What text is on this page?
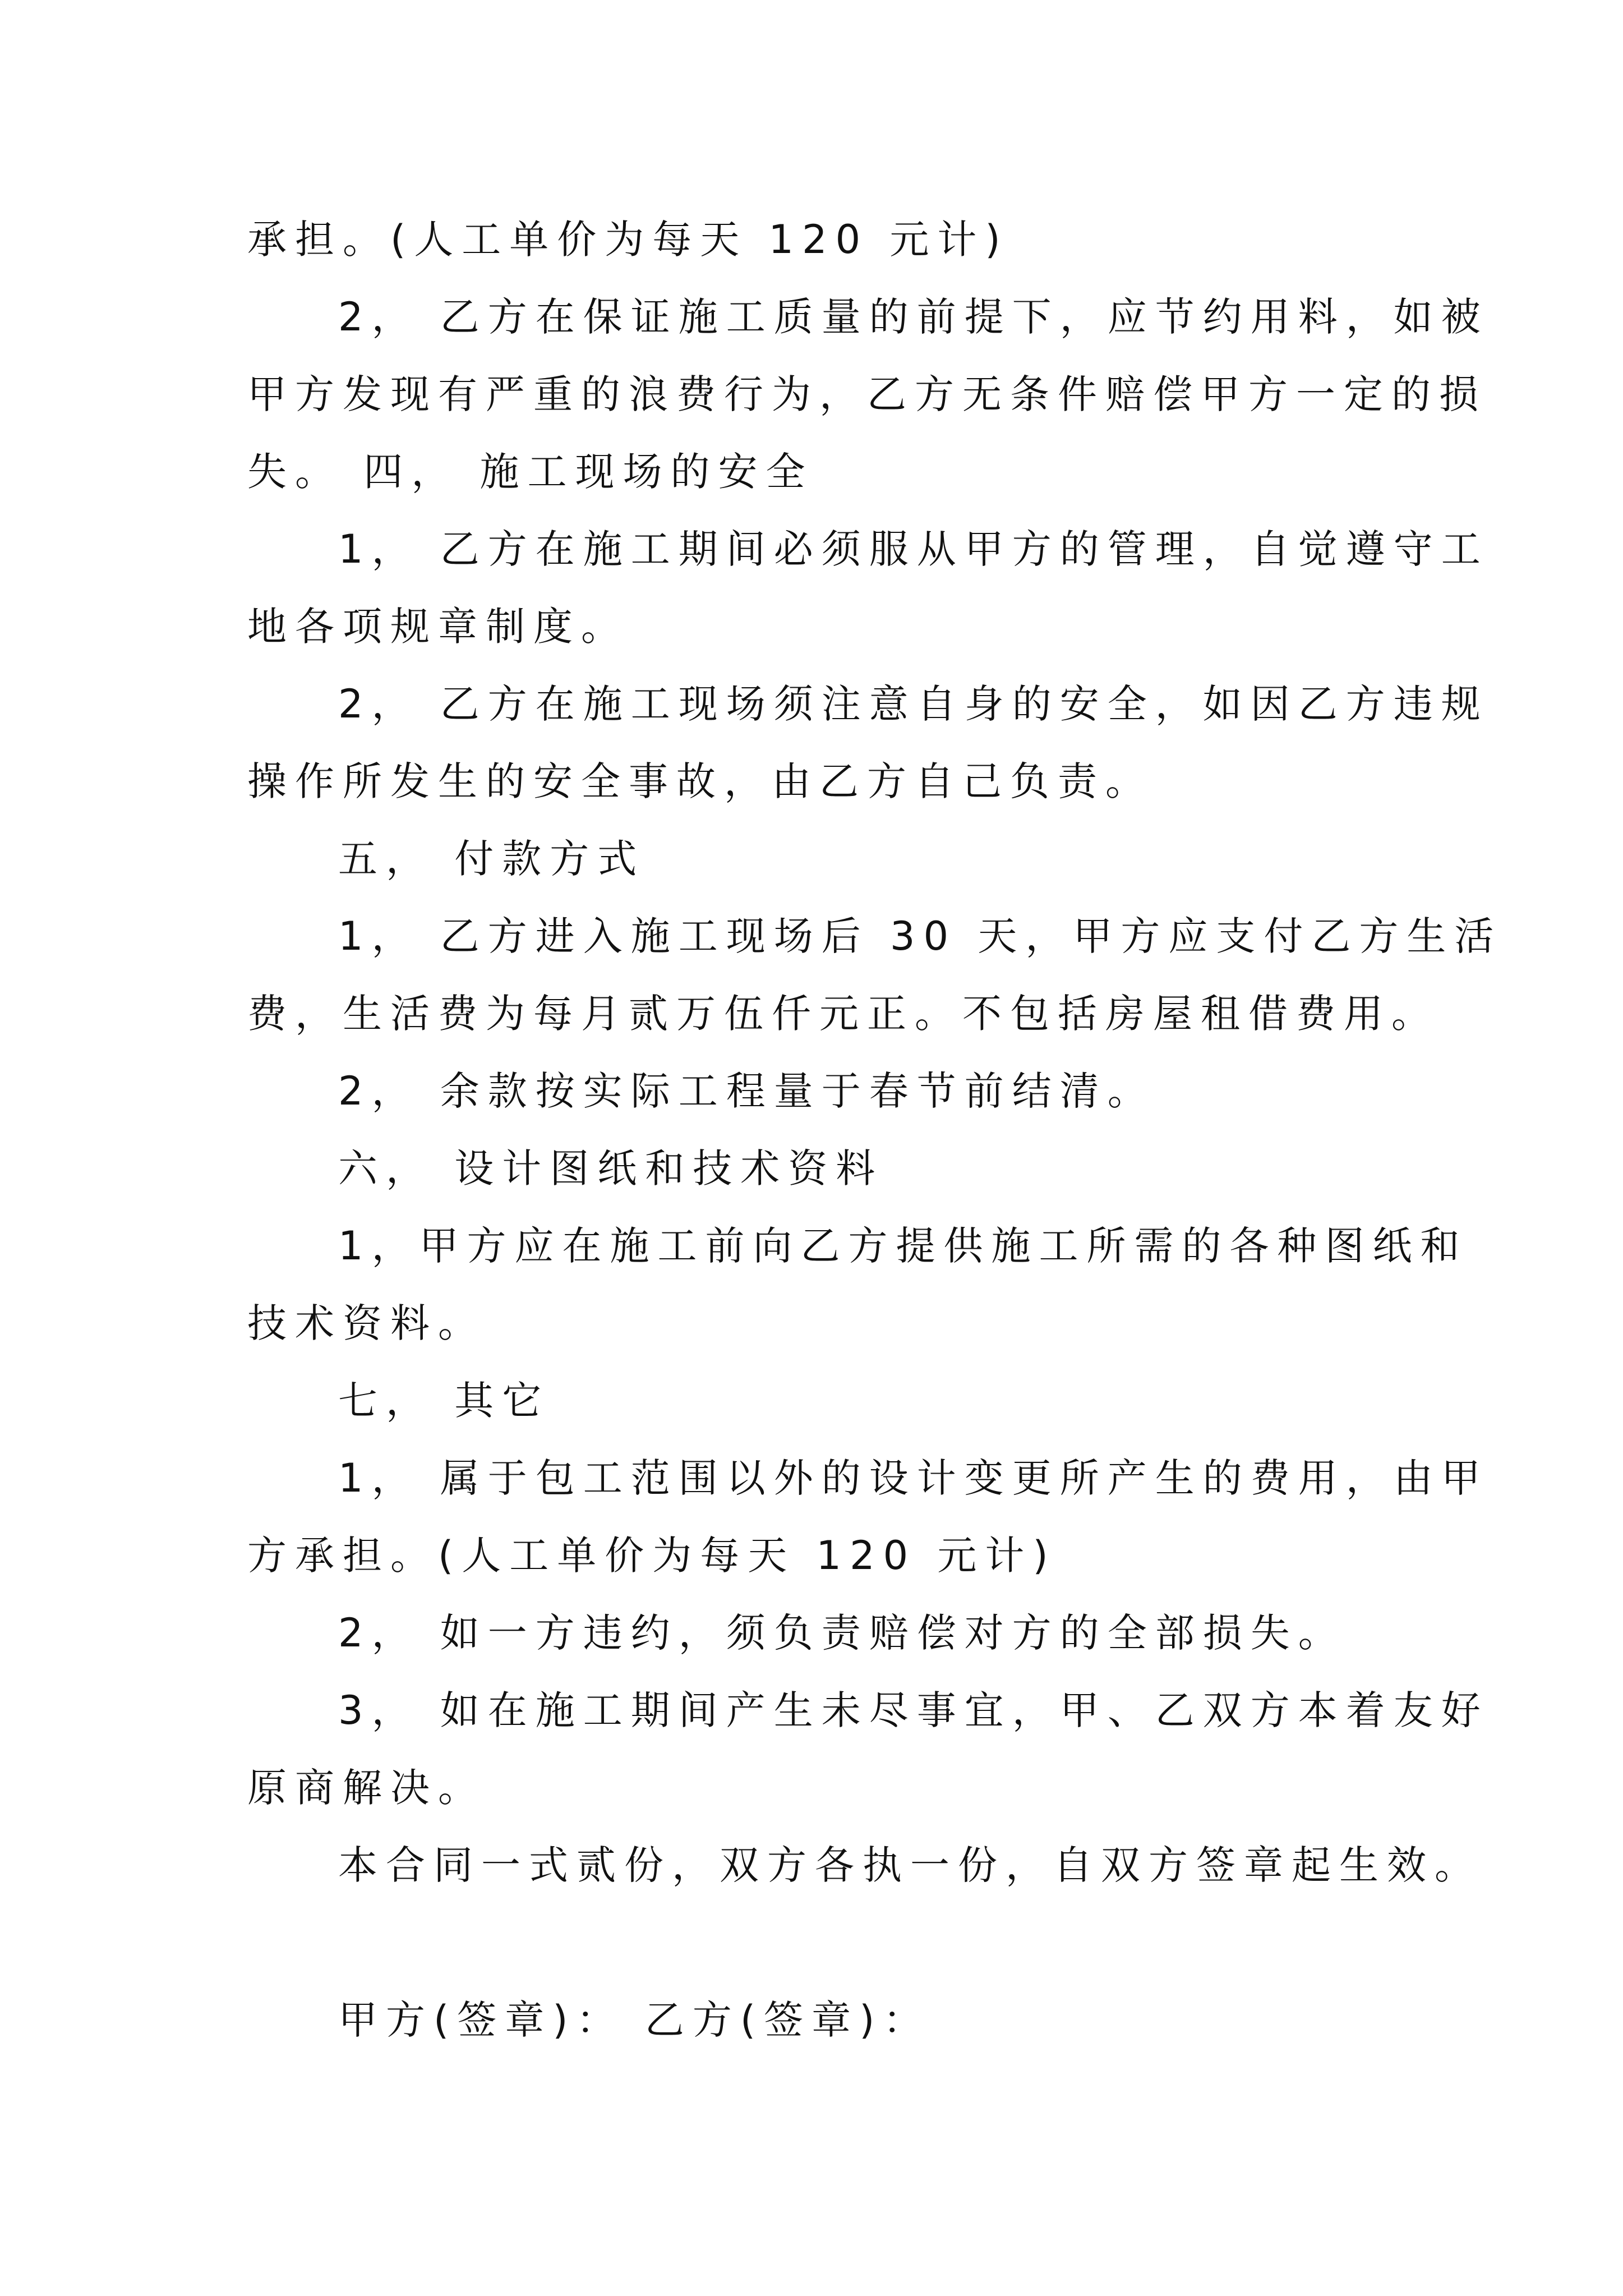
承担。(人工单价为每天 120 元计)
2， 乙方在保证施工质量的前提下，应节约用料，如被
甲方发现有严重的浪费行为，乙方无条件赔偿甲方一定的损
失。 四， 施工现场的安全
1， 乙方在施工期间必须服从甲方的管理，自觉遵守工
地各项规章制度。
2， 乙方在施工现场须注意自身的安全，如因乙方违规
操作所发生的安全事故，由乙方自己负责。
五， 付款方式
1， 乙方进入施工现场后 30 天，甲方应支付乙方生活
费，生活费为每月贰万伍仟元正。不包括房屋租借费用。
2， 余款按实际工程量于春节前结清。
六， 设计图纸和技术资料
1，甲方应在施工前向乙方提供施工所需的各种图纸和
技术资料。
七， 其它
1， 属于包工范围以外的设计变更所产生的费用，由甲
方承担。(人工单价为每天 120 元计)
2， 如一方违约，须负责赔偿对方的全部损失。
3， 如在施工期间产生未尽事宜，甲、乙双方本着友好
原商解决。
本合同一式贰份，双方各执一份，自双方签章起生效。
甲方(签章)： 乙方(签章)：
